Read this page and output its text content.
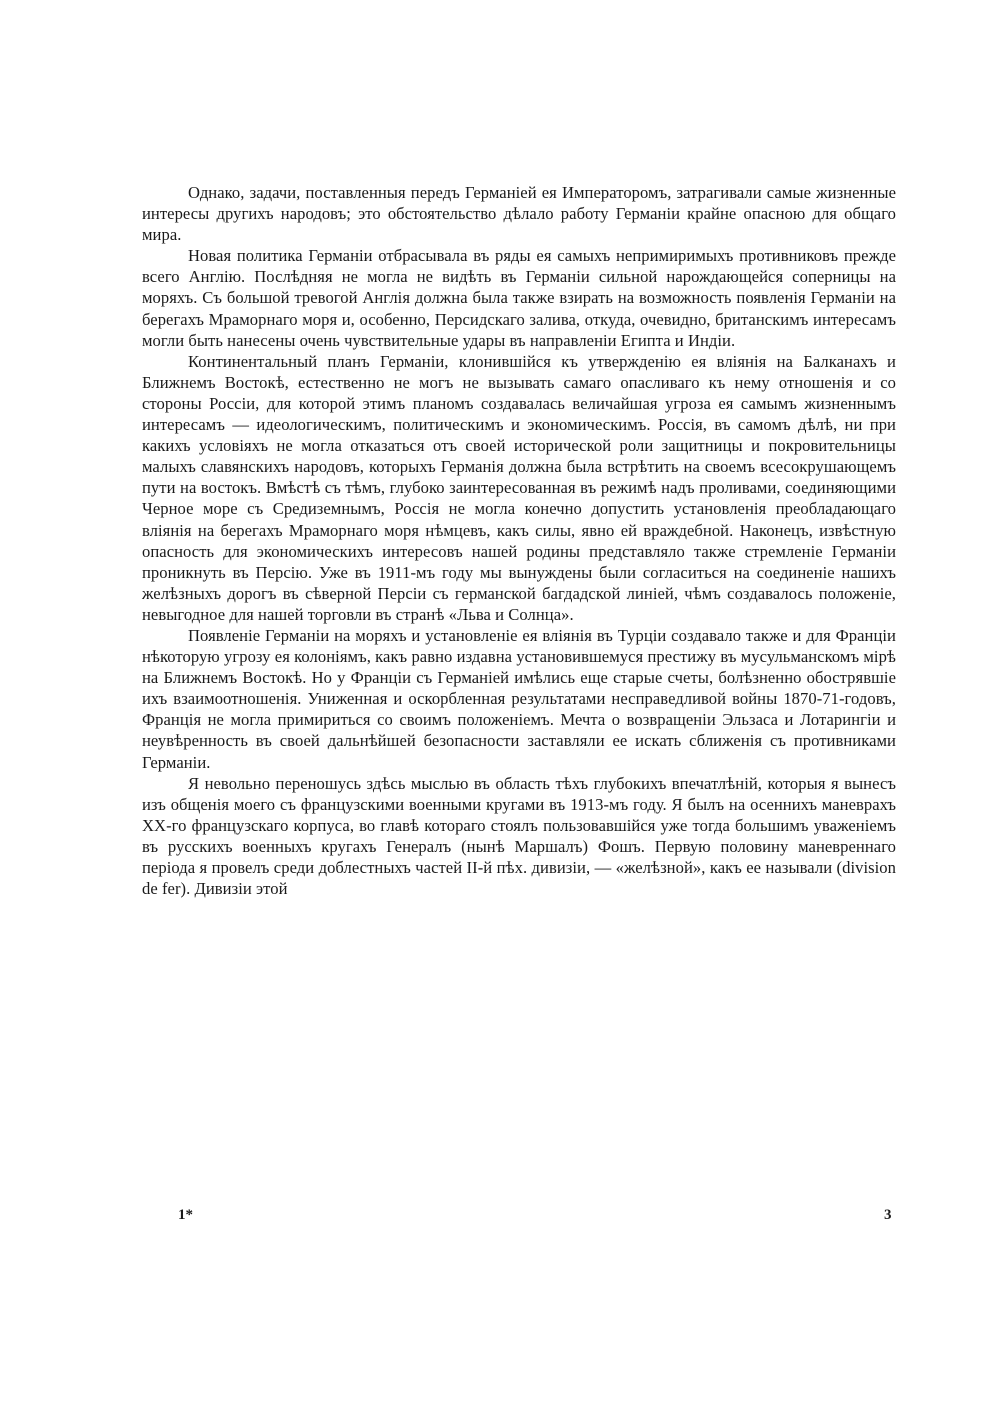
Однако, задачи, поставленныя передъ Германіей ея Императоромъ, затрагивали самые жизненные интересы другихъ народовъ; это обстоятельство дѣлало работу Германіи крайне опасною для общаго мира.

Новая политика Германіи отбрасывала въ ряды ея самыхъ непримиримыхъ противниковъ прежде всего Англію. Послѣдняя не могла не видѣть въ Германіи сильной нарождающейся соперницы на моряхъ. Съ большой тревогой Англія должна была также взирать на возможность появленія Германіи на берегахъ Мраморнаго моря и, особенно, Персидскаго залива, откуда, очевидно, британскимъ интересамъ могли быть нанесены очень чувствительные удары въ направленіи Египта и Индіи.

Континентальный планъ Германіи, клонившійся къ утвержденію ея вліянія на Балканахъ и Ближнемъ Востокѣ, естественно не могъ не вызывать самаго опасливаго къ нему отношенія и со стороны Россіи, для которой этимъ планомъ создавалась величайшая угроза ея самымъ жизненнымъ интересамъ — идеологическимъ, политическимъ и экономическимъ. Россія, въ самомъ дѣлѣ, ни при какихъ условіяхъ не могла отказаться отъ своей исторической роли защитницы и покровительницы малыхъ славянскихъ народовъ, которыхъ Германія должна была встрѣтить на своемъ всесокрушающемъ пути на востокъ. Вмѣстѣ съ тѣмъ, глубоко заинтересованная въ режимѣ надъ проливами, соединяющими Черное море съ Средиземнымъ, Россія не могла конечно допустить установленія преобладающаго вліянія на берегахъ Мраморнаго моря нѣмцевъ, какъ силы, явно ей враждебной. Наконецъ, извѣстную опасность для экономическихъ интересовъ нашей родины представляло также стремленіе Германіи проникнуть въ Персію. Уже въ 1911-мъ году мы вынуждены были согласиться на соединеніе нашихъ желѣзныхъ дорогъ въ сѣверной Персіи съ германской багдадской линіей, чѣмъ создавалось положеніе, невыгодное для нашей торговли въ странѣ «Льва и Солнца».

Появленіе Германіи на моряхъ и установленіе ея вліянія въ Турціи создавало также и для Франціи нѣкоторую угрозу ея колоніямъ, какъ равно издавна установившемуся престижу въ мусульманскомъ мірѣ на Ближнемъ Востокѣ. Но у Франціи съ Германіей имѣлись еще старые счеты, болѣзненно обострявшіе ихъ взаимоотношенія. Униженная и оскорбленная результатами несправедливой войны 1870-71-годовъ, Франція не могла примириться со своимъ положеніемъ. Мечта о возвращеніи Эльзаса и Лотарингіи и неувѣренность въ своей дальнѣйшей безопасности заставляли ее искать сближенія съ противниками Германіи.

Я невольно переношусь здѣсь мыслью въ область тѣхъ глубокихъ впечатлѣній, которыя я вынесъ изъ общенія моего съ французскими военными кругами въ 1913-мъ году. Я былъ на осеннихъ маневрахъ XX-го французскаго корпуса, во главѣ котораго стоялъ пользовавшійся уже тогда большимъ уваженіемъ въ русскихъ военныхъ кругахъ Генералъ (нынѣ Маршалъ) Фошъ. Первую половину маневреннаго періода я провелъ среди доблестныхъ частей II-й пѣх. дивизіи, — «желѣзной», какъ ее называли (division de fer). Дивизіи этой

1*	3
